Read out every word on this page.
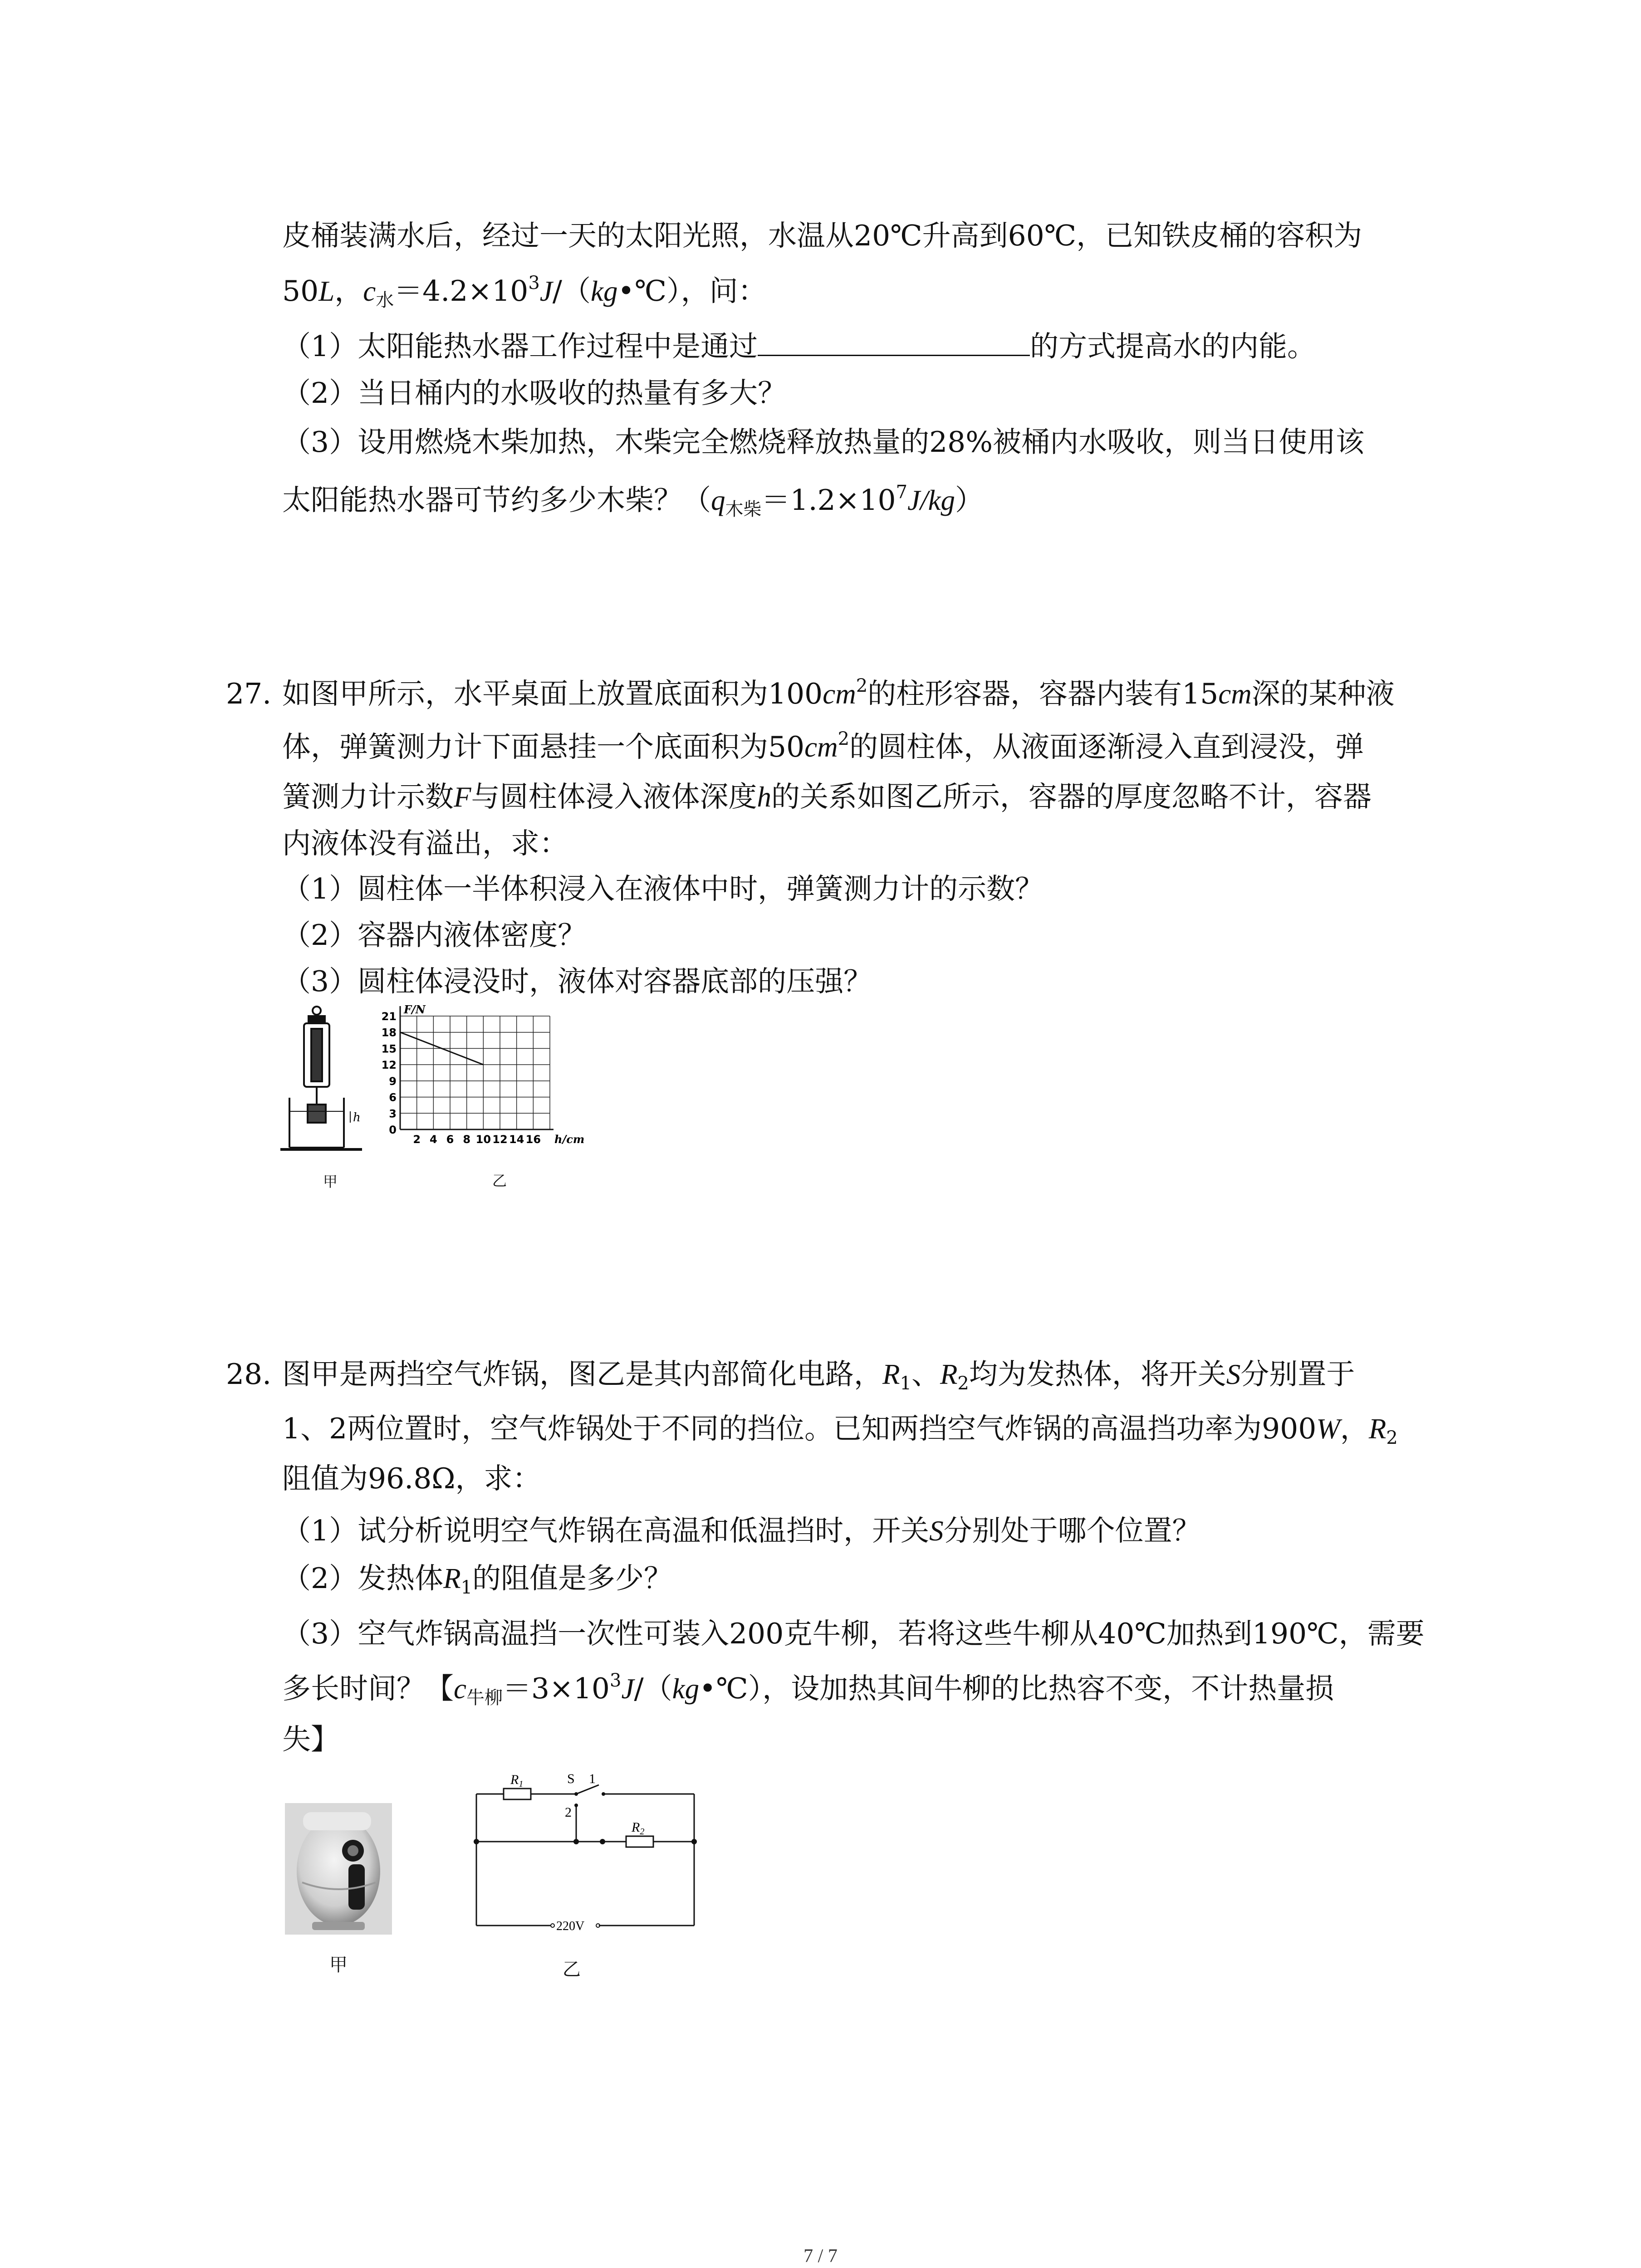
皮桶装满水后，经过一天的太阳光照，水温从20℃升高到60℃，已知铁皮桶的容积为
50L，$c_水=4.2\times 10^3J/(kg•℃)$，问：
（1）太阳能热水器工作过程中是通过	的方式提高水的内能。
（2）当日桶内的水吸收的热量有多大？
（3）设用燃烧木柴加热，木柴完全燃烧释放热量的28%被桶内水吸收，则当日使用该
太阳能热水器可节约多少木柴？$(q_{木柴}=1.2\times 10^7J/kg)$
27. 如图甲所示，水平桌面上放置底面积为$100cm^2$的柱形容器，容器内装有15cm深的某种液
体，弹簧测力计下面悬挂一个底面积为$50cm^2$的圆柱体，从液面逐渐浸入直到浸没，弹
簧测力计示数F与圆柱体浸入液体深度h的关系如图乙所示，容器的厚度忽略不计，容器
内液体没有溢出，求：
（1）圆柱体一半体积浸入在液体中时，弹簧测力计的示数？
（2）容器内液体密度？
（3）圆柱体浸没时，液体对容器底部的压强？
h
甲
21
18
15
12
9
6
3
0
2 4 6 8 10 12 14 16
F/N
h/cm
乙
28. 图甲是两挡空气炸锅，图乙是其内部简化电路，$R_1$、$R_2$均为发热体，将开关S分别置于
1、2两位置时，空气炸锅处于不同的挡位。已知两挡空气炸锅的高温挡功率为900W，$R_2$
阻值为96.8Ω，求：
（1）试分析说明空气炸锅在高温和低温挡时，开关S分别处于哪个位置？
（2）发热体$R_1$的阻值是多少？
（3）空气炸锅高温挡一次性可装入200克牛柳，若将这些牛柳从40℃加热到190℃，需要
多长时间？【$c_{牛柳}=3\times 10^3J/(kg•℃)$，设加热其间牛柳的比热容不变，不计热量损
失】
甲
$R_1$	S 1
2
$R_2$
220V
乙
7 / 7
